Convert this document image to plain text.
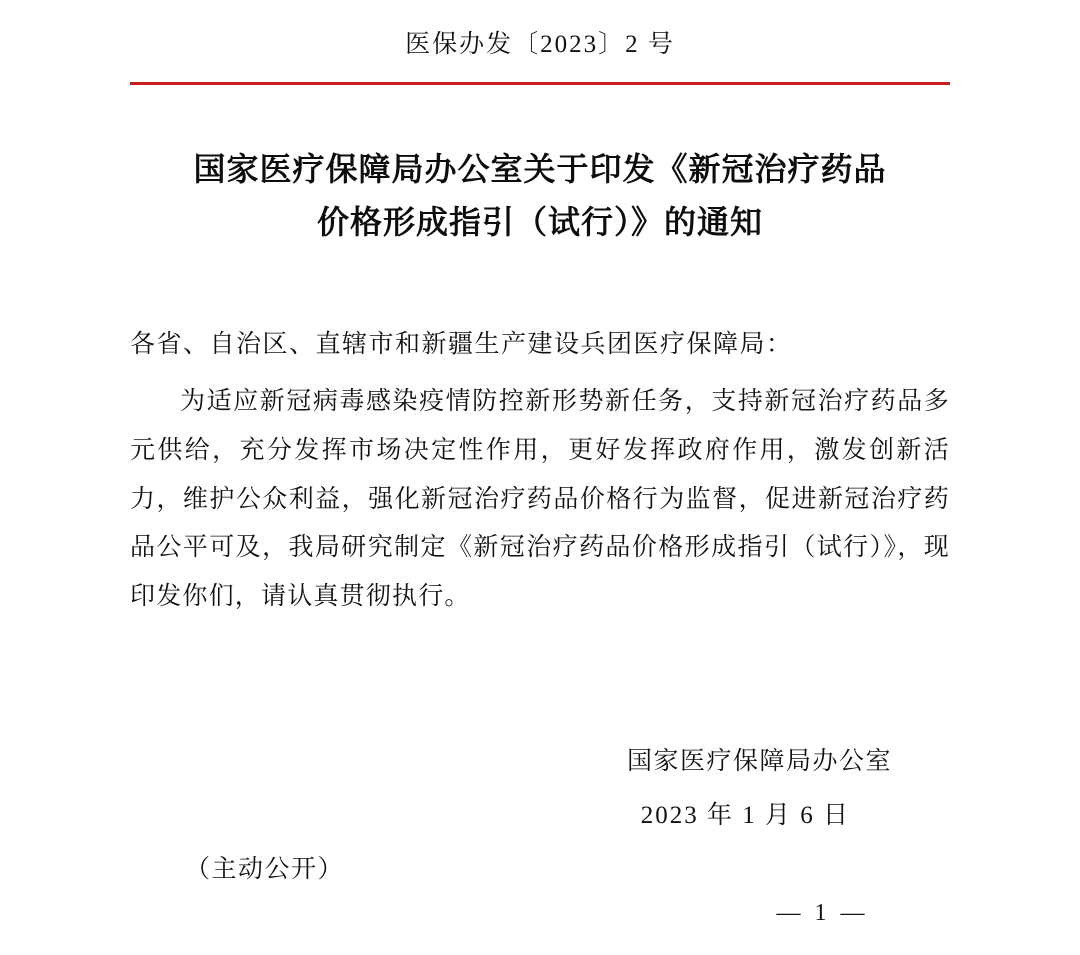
医保办发〔2023〕2 号
国家医疗保障局办公室关于印发《新冠治疗药品
价格形成指引（试行）》的通知
各省、自治区、直辖市和新疆生产建设兵团医疗保障局：
为适应新冠病毒感染疫情防控新形势新任务，支持新冠治疗药品多元供给，充分发挥市场决定性作用，更好发挥政府作用，激发创新活力，维护公众利益，强化新冠治疗药品价格行为监督，促进新冠治疗药品公平可及，我局研究制定《新冠治疗药品价格形成指引（试行）》，现印发你们，请认真贯彻执行。
国家医疗保障局办公室
2023 年 1 月 6 日
（主动公开）
— 1 —
